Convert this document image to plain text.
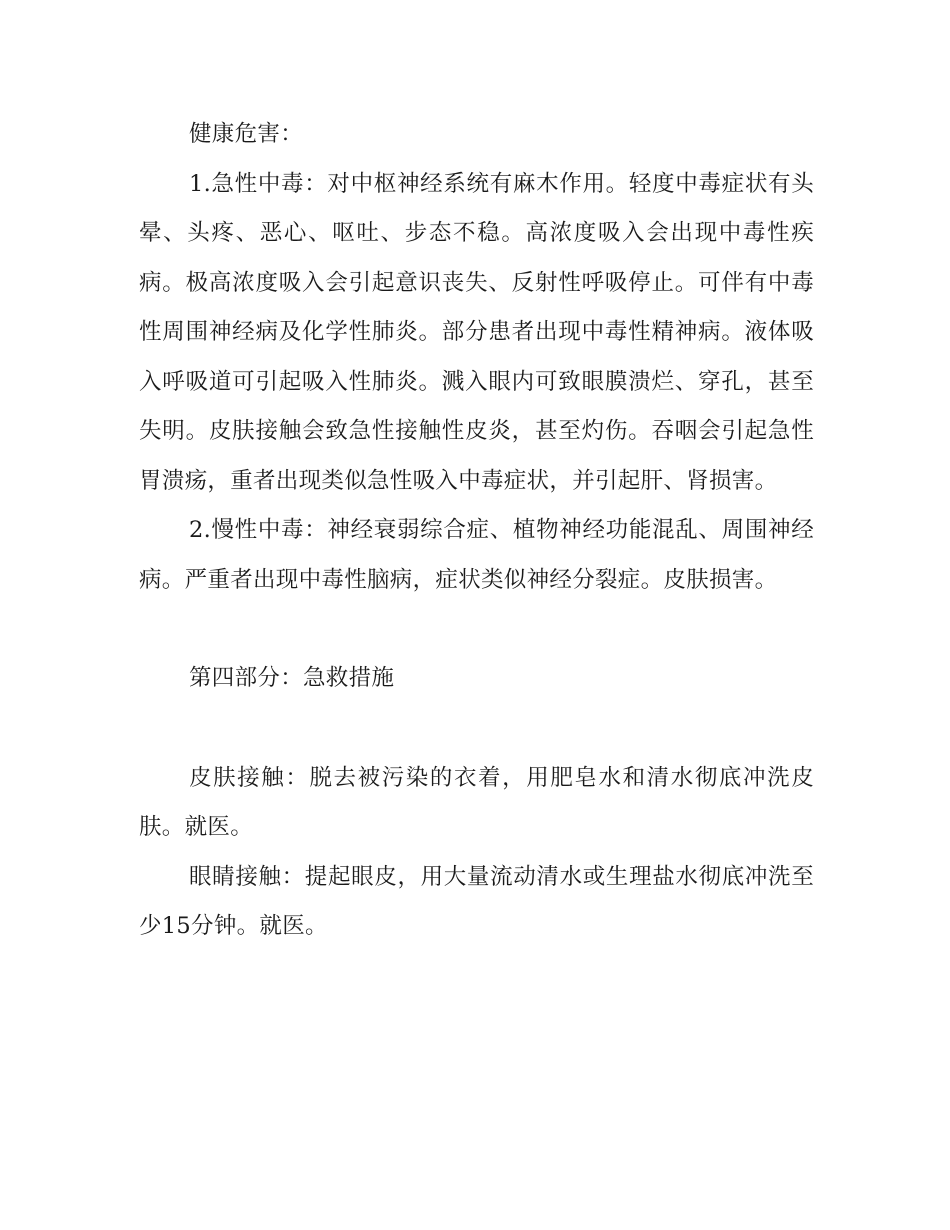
健康危害：

1.急性中毒：对中枢神经系统有麻木作用。轻度中毒症状有头晕、头疼、恶心、呕吐、步态不稳。高浓度吸入会出现中毒性疾病。极高浓度吸入会引起意识丧失、反射性呼吸停止。可伴有中毒性周围神经病及化学性肺炎。部分患者出现中毒性精神病。液体吸入呼吸道可引起吸入性肺炎。溅入眼内可致眼膜溃烂、穿孔，甚至失明。皮肤接触会致急性接触性皮炎，甚至灼伤。吞咽会引起急性胃溃疡，重者出现类似急性吸入中毒症状，并引起肝、肾损害。

2.慢性中毒：神经衰弱综合症、植物神经功能混乱、周围神经病。严重者出现中毒性脑病，症状类似神经分裂症。皮肤损害。

第四部分：急救措施

皮肤接触：脱去被污染的衣着，用肥皂水和清水彻底冲洗皮肤。就医。

眼睛接触：提起眼皮，用大量流动清水或生理盐水彻底冲洗至少15分钟。就医。
